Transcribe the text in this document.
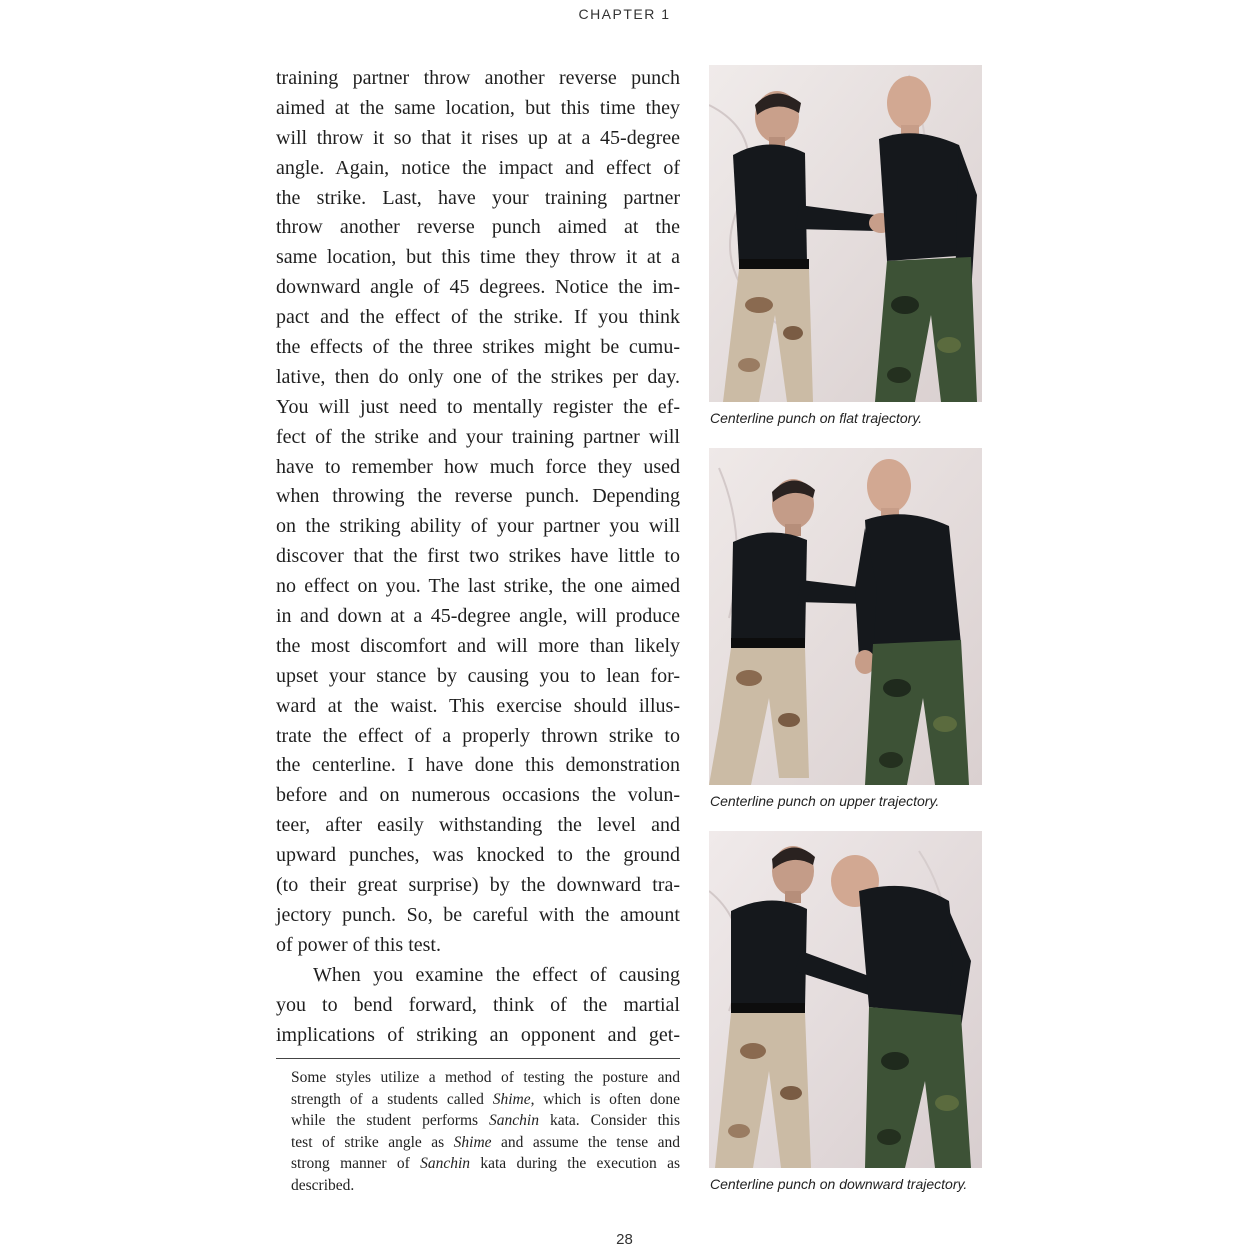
CHAPTER 1
training partner throw another reverse punch
aimed at the same location, but this time they
will throw it so that it rises up at a 45-degree
angle. Again, notice the impact and effect of
the strike. Last, have your training partner
throw another reverse punch aimed at the
same location, but this time they throw it at a
downward angle of 45 degrees. Notice the im-
pact and the effect of the strike. If you think
the effects of the three strikes might be cumu-
lative, then do only one of the strikes per day.
You will just need to mentally register the ef-
fect of the strike and your training partner will
have to remember how much force they used
when throwing the reverse punch. Depending
on the striking ability of your partner you will
discover that the first two strikes have little to
no effect on you. The last strike, the one aimed
in and down at a 45-degree angle, will produce
the most discomfort and will more than likely
upset your stance by causing you to lean for-
ward at the waist. This exercise should illus-
trate the effect of a properly thrown strike to
the centerline. I have done this demonstration
before and on numerous occasions the volun-
teer, after easily withstanding the level and
upward punches, was knocked to the ground
(to their great surprise) by the downward tra-
jectory punch. So, be careful with the amount
of power of this test.
When you examine the effect of causing
you to bend forward, think of the martial
implications of striking an opponent and get-
Some styles utilize a method of testing the posture and
strength of a students called Shime, which is often done
while the student performs Sanchin kata. Consider this
test of strike angle as Shime and assume the tense and
strong manner of Sanchin kata during the execution as
described.
Centerline punch on flat trajectory.
Centerline punch on upper trajectory.
Centerline punch on downward trajectory.
28
